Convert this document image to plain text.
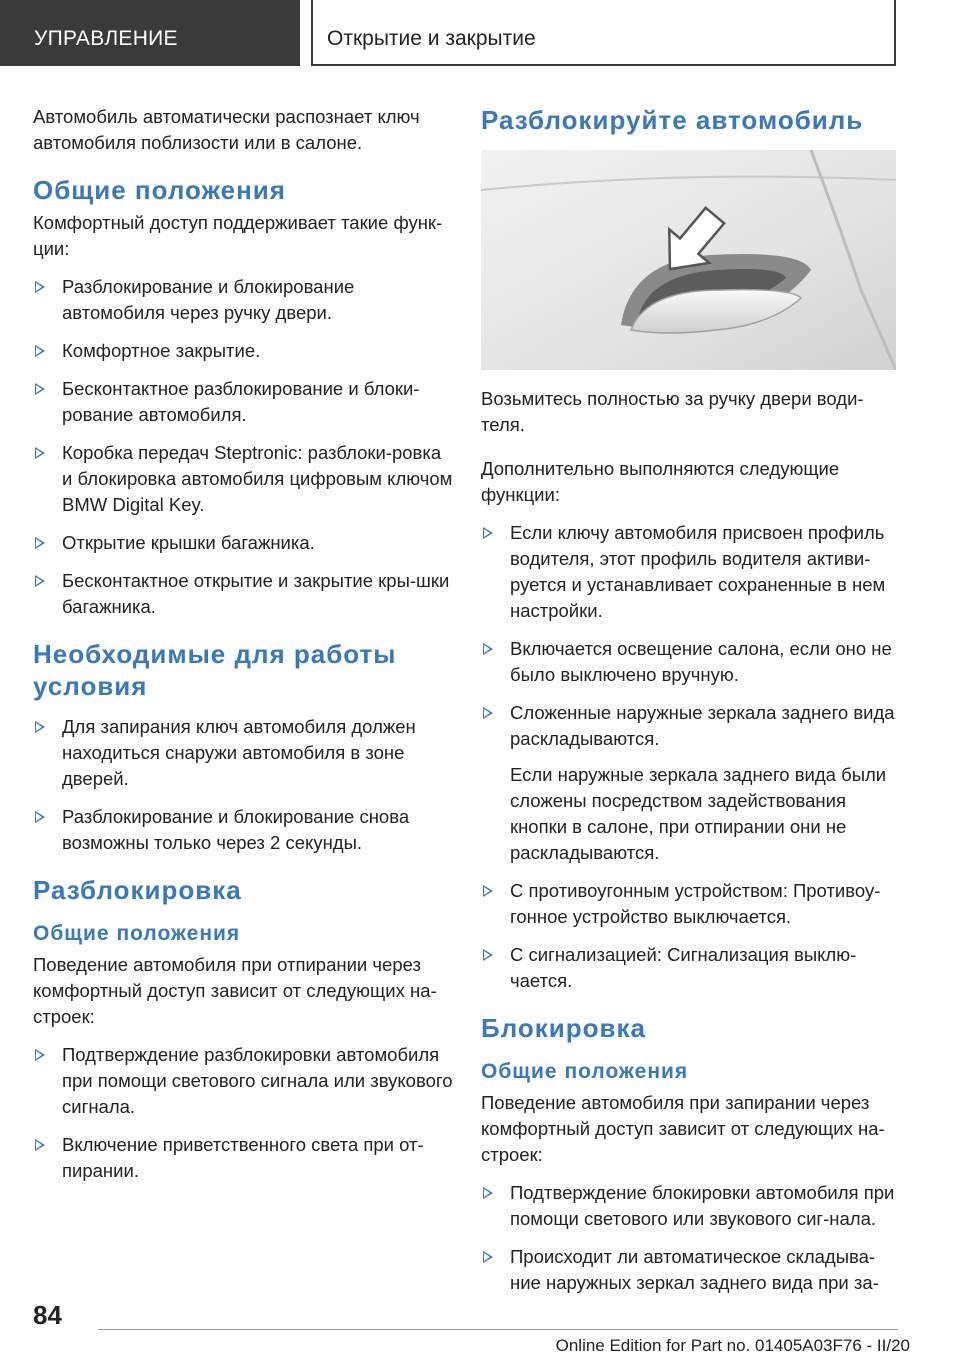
УПРАВЛЕНИЕ	Открытие и закрытие

Автомобиль автоматически распознает ключ автомобиля поблизости или в салоне.

Общие положения

Комфортный доступ поддерживает такие функ-ции:

Разблокирование и блокирование автомобиля через ручку двери.

Комфортное закрытие.

Бесконтактное разблокирование и блоки-рование автомобиля.

Коробка передач Steptronic: разблоки-ровка и блокировка автомобиля цифровым ключом BMW Digital Key.

Открытие крышки багажника.

Бесконтактное открытие и закрытие кры-шки багажника.

Необходимые для работы условия

Для запирания ключ автомобиля должен находиться снаружи автомобиля в зоне дверей.

Разблокирование и блокирование снова возможны только через 2 секунды.

Разблокировка
Общие положения

Поведение автомобиля при отпирании через комфортный доступ зависит от следующих на-строек:

Подтверждение разблокировки автомобиля при помощи светового сигнала или звукового сигнала.

Включение приветственного света при от-пирании.

Разблокируйте автомобиль

Возьмитесь полностью за ручку двери води-теля.

Дополнительно выполняются следующие функции:

Если ключу автомобиля присвоен профиль водителя, этот профиль водителя активи-руется и устанавливает сохраненные в нем настройки.

Включается освещение салона, если оно не было выключено вручную.

Сложенные наружные зеркала заднего вида раскладываются.

Если наружные зеркала заднего вида были сложены посредством задействования кнопки в салоне, при отпирании они не раскладываются.

С противоугонным устройством: Противоу-гонное устройство выключается.

С сигнализацией: Сигнализация выклю-чается.

Блокировка
Общие положения

Поведение автомобиля при запирании через комфортный доступ зависит от следующих на-строек:

Подтверждение блокировки автомобиля при помощи светового или звукового сиг-нала.

Происходит ли автоматическое складыва-ние наружных зеркал заднего вида при за-

84
Online Edition for Part no. 01405A03F76 - II/20
